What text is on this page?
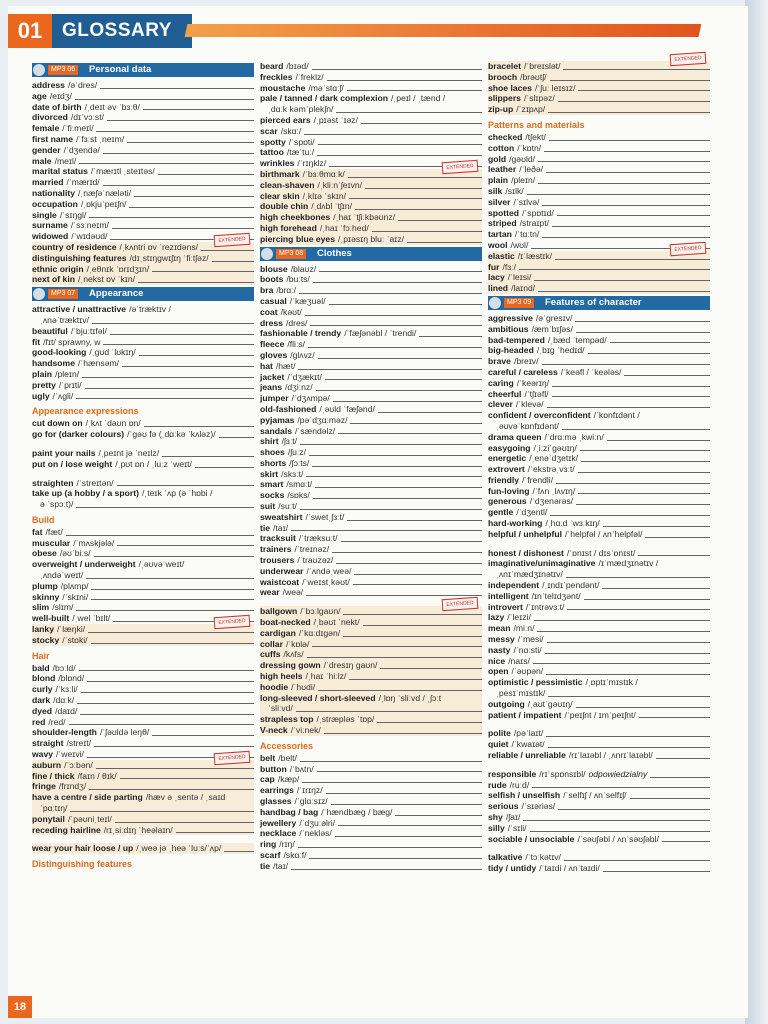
01	GLOSSARY
MP3 06	Personal data
address /əˈdres/
age /eɪdʒ/
date of birth /ˌdeɪt əv ˈbɜːθ/
divorced /dɪˈvɔːst/
female /ˈfiːmeɪl/
first name /ˈfɜːst ˌneɪm/
gender /ˈdʒendə/
male /meɪl/
marital status /ˈmærɪtl ˌsteɪtəs/
married /ˈmærɪd/
nationality /ˌnæʃəˈnæləti/
occupation /ˌɒkjuˈpeɪʃn/
single /ˈsɪŋgl/
surname /ˈsɜːneɪm/
widowed /ˈwɪdəʊd/
country of residence /ˌkʌntri ɒv ˈrezɪdəns/
EXTENDED
distinguishing features /dɪˌstɪŋgwɪʃɪŋ ˈfiːtʃəz/
ethnic origin /ˌeθnɪk ˈɒrɪdʒɪn/
next of kin /ˌnekst ɒv ˈkɪn/
MP3 07	Appearance
attractive / unattractive /əˈtræktɪv /
ˌʌnəˈtræktɪv/
beautiful /ˈbjuːtɪfəl/
fit /fɪt/ sprawny, w
good-looking /ˌgʊd ˈlʊkɪŋ/
handsome /ˈhænsəm/
plain /pleɪn/
pretty /ˈprɪti/
ugly /ˈʌgli/
Appearance expressions
cut down on /ˌkʌt ˈdaʊn ɒn/
go for (darker colours) /ˈgəʊ fə (ˌdɑːkə ˈkʌləz)/
paint your nails /ˌpeɪnt jə ˈneɪlz/
put on / lose weight /ˌpʊt ɒn / ˌluːz ˈweɪt/
straighten /ˈstreɪtən/
take up (a hobby / a sport) /ˌteɪk ˈʌp (ə ˈhɒbi /
ə ˈspɔːt)/
Build
fat /fæt/
muscular /ˈmʌskjələ/
obese /əʊˈbiːs/
overweight / underweight /ˌəʊvəˈweɪt/
ˌʌndəˈweɪt/
plump /plʌmp/
skinny /ˈskɪni/
slim /slɪm/
well-built /ˌwel ˈbɪlt/
lanky /ˈlæŋki/
EXTENDED
stocky /ˈstɒki/
Hair
bald /bɔːld/
blond /blɒnd/
curly /ˈkɜːli/
dark /dɑːk/
dyed /daɪd/
red /red/
shoulder-length /ˈʃəʊldə leŋθ/
straight /streɪt/
wavy /ˈweɪvi/
auburn /ˈɔːbən/
EXTENDED
fine / thick /faɪn / θɪk/
fringe /frɪndʒ/
have a centre / side parting /hæv ə ˌsentə / ˌsaɪd
ˈpɑːtɪŋ/
ponytail /ˈpəʊniˌteɪl/
receding hairline /rɪˌsiːdɪŋ ˈheəlaɪn/
wear your hair loose / up /ˌweə jə ˌheə ˈluːs/ˈʌp/
Distinguishing features
beard /bɪəd/
freckles /ˈfreklz/
moustache /məˈstɑːʃ/
pale / tanned / dark complexion /ˌpeɪl / ˌtænd /
ˌdɑːk kəmˈplekʃn/
pierced ears /ˌpɪəst ˈɪəz/
scar /skɑː/
spotty /ˈspɒti/
tattoo /tæˈtuː/
wrinkles /ˈrɪŋklz/
birthmark /ˈbɜːθmɑːk/
EXTENDED
clean-shaven /ˌkliːnˈʃeɪvn/
clear skin /ˌklɪə ˈskɪn/
double chin /ˌdʌbl ˈtʃɪn/
high cheekbones /ˌhaɪ ˈtʃiːkbəʊnz/
high forehead /ˌhaɪ ˈfɔːhed/
piercing blue eyes /ˌpɪəsɪŋ bluː ˈaɪz/
MP3 08	Clothes
blouse /blaʊz/
boots /buːts/
bra /brɑː/
casual /ˈkæʒuəl/
coat /kəʊt/
dress /dres/
fashionable / trendy /ˈfæʃənəbl / ˈtrendi/
fleece /fliːs/
gloves /glʌvz/
hat /hæt/
jacket /ˈdʒækɪt/
jeans /dʒiːnz/
jumper /ˈdʒʌmpə/
old-fashioned /ˌəʊld ˈfæʃənd/
pyjamas /pəˈdʒɑːməz/
sandals /ˈsændəlz/
shirt /ʃɜːt/
shoes /ʃuːz/
shorts /ʃɔːts/
skirt /skɜːt/
smart /smɑːt/
socks /sɒks/
suit /suːt/
sweatshirt /ˈswetˌʃɜːt/
tie /taɪ/
tracksuit /ˈtræksuːt/
trainers /ˈtreɪnəz/
trousers /ˈtraʊzəz/
underwear /ˈʌndəˌweə/
waistcoat /ˈweɪstˌkəʊt/
wear /weə/
ballgown /ˈbɔːlgaʊn/
EXTENDED
boat-necked /ˌbəʊt ˈnekt/
cardigan /ˈkɑːdɪgən/
collar /ˈkɒlə/
cuffs /kʌfs/
dressing gown /ˈdresɪŋ gaʊn/
high heels /ˌhaɪ ˈhiːlz/
hoodie /ˈhʊdi/
long-sleeved / short-sleeved /ˌlɒŋ ˈsliːvd / ˌʃɔːt
ˈsliːvd/
strapless top /ˌstræpləs ˈtɒp/
V-neck /ˈviːnek/
Accessories
belt /belt/
button /ˈbʌtn/
cap /kæp/
earrings /ˈɪrɪŋz/
glasses /ˈglɑːsɪz/
handbag / bag /ˈhændbæg / bæg/
jewellery /ˈdʒuːəlri/
necklace /ˈnekləs/
ring /rɪŋ/
scarf /skɑːf/
tie /taɪ/
bracelet /ˈbreɪslət/
EXTENDED
brooch /brəʊtʃ/
shoe laces /ˈʃuː leɪsɪz/
slippers /ˈslɪpəz/
zip-up /ˈzɪpʌp/
Patterns and materials
checked /tʃekt/
cotton /ˈkɒtn/
gold /gəʊld/
leather /ˈleðə/
plain /pleɪn/
silk /sɪlk/
silver /ˈsɪlvə/
spotted /ˈspɒtɪd/
striped /straɪpt/
tartan /ˈtɑːtn/
wool /wʊl/
elastic /ɪˈlæstɪk/
EXTENDED
fur /fɜː/
lacy /ˈleɪsi/
lined /laɪnd/
MP3 09	Features of character
aggressive /əˈgresɪv/
ambitious /æmˈbɪʃəs/
bad-tempered /ˌbæd ˈtempəd/
big-headed /ˌbɪg ˈhedɪd/
brave /breɪv/
careful / careless /ˈkeəfl / ˈkeələs/
caring /ˈkeərɪŋ/
cheerful /ˈtʃɪəfl/
clever /ˈklevə/
confident / overconfident /ˈkɒnfɪdənt /
ˌəʊvəˈkɒnfɪdənt/
drama queen /ˈdrɑːmə ˌkwiːn/
easygoing /ˌiːziˈgəʊɪŋ/
energetic /ˌenəˈdʒetɪk/
extrovert /ˈekstrəˌvɜːt/
friendly /ˈfrendli/
fun-loving /ˈfʌn ˌlʌvɪŋ/
generous /ˈdʒenərəs/
gentle /ˈdʒentl/
hard-working /ˌhɑːd ˈwɜːkɪŋ/
helpful / unhelpful /ˈhelpfəl / ʌnˈhelpfəl/
honest / dishonest /ˈɒnɪst / dɪsˈɒnɪst/
imaginative/unimaginative /ɪˈmædʒɪnətɪv /
ˌʌnɪˈmædʒɪnətɪv/
independent /ˌɪndɪˈpendənt/
intelligent /ɪnˈtelɪdʒənt/
introvert /ˈɪntrəvɜːt/
lazy /ˈleɪzi/
mean /miːn/
messy /ˈmesi/
nasty /ˈnɑːsti/
nice /naɪs/
open /ˈəʊpən/
optimistic / pessimistic /ˌɒptɪˈmɪstɪk /
ˌpesɪˈmɪstɪk/
outgoing /ˌaʊtˈgəʊɪŋ/
patient / impatient /ˈpeɪʃnt / ɪmˈpeɪʃnt/
polite /pəˈlaɪt/
quiet /ˈkwaɪət/
reliable / unreliable /rɪˈlaɪəbl / ˌʌnrɪˈlaɪəbl/
responsible /rɪˈspɒnsɪbl/ odpowiedzialny
rude /ruːd/
selfish / unselfish /ˈselfɪʃ / ʌnˈselfɪʃ/
serious /ˈsɪəriəs/
shy /ʃaɪ/
silly /ˈsɪli/
sociable / unsociable /ˈsəʊʃəbl / ʌnˈsəʊʃəbl/
talkative /ˈtɔːkətɪv/
tidy / untidy /ˈtaɪdi / ʌnˈtaɪdi/
18
